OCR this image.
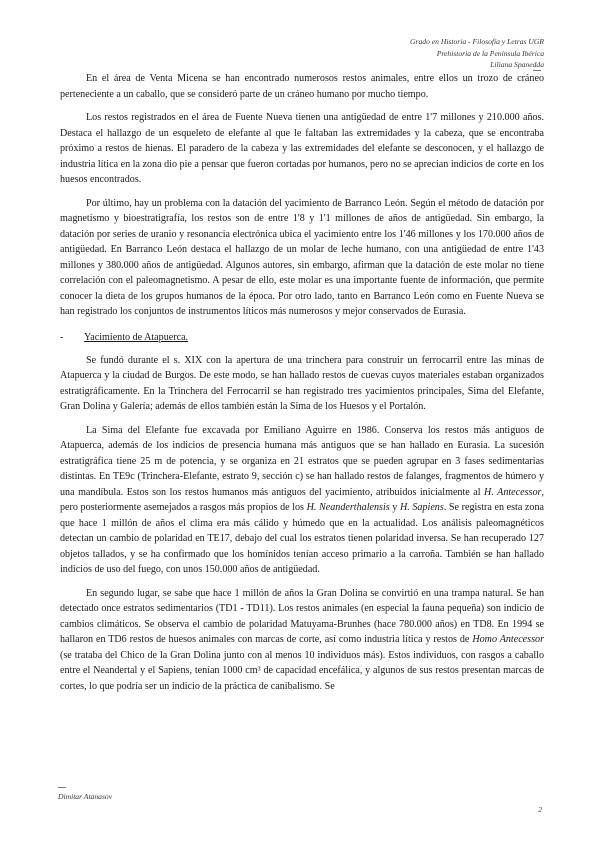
Grado en Historia - Filosofía y Letras UGR
Prehistoria de la Península Ibérica
Liliana Spanedda

En el área de Venta Micena se han encontrado numerosos restos animales, entre ellos un trozo de cráneo perteneciente a un caballo, que se consideró parte de un cráneo humano por mucho tiempo.

Los restos registrados en el área de Fuente Nueva tienen una antigüedad de entre 1'7 millones y 210.000 años. Destaca el hallazgo de un esqueleto de elefante al que le faltaban las extremidades y la cabeza, que se encontraba próximo a restos de hienas. El paradero de la cabeza y las extremidades del elefante se desconocen, y el hallazgo de industria lítica en la zona dio pie a pensar que fueron cortadas por humanos, pero no se aprecian indicios de corte en los huesos encontrados.

Por último, hay un problema con la datación del yacimiento de Barranco León. Según el método de datación por magnetismo y bioestratigrafía, los restos son de entre 1'8 y 1'1 millones de años de antigüedad. Sin embargo, la datación por series de uranio y resonancia electrónica ubica el yacimiento entre los 1'46 millones y los 170.000 años de antigüedad. En Barranco León destaca el hallazgo de un molar de leche humano, con una antigüedad de entre 1'43 millones y 380.000 años de antigüedad. Algunos autores, sin embargo, afirman que la datación de este molar no tiene correlación con el paleomagnetismo. A pesar de ello, este molar es una importante fuente de información, que permite conocer la dieta de los grupos humanos de la época. Por otro lado, tanto en Barranco León como en Fuente Nueva se han registrado los conjuntos de instrumentos líticos más numerosos y mejor conservados de Eurasia.

-	Yacimiento de Atapuerca.

Se fundó durante el s. XIX con la apertura de una trinchera para construir un ferrocarril entre las minas de Atapuerca y la ciudad de Burgos. De este modo, se han hallado restos de cuevas cuyos materiales estaban organizados estratigráficamente. En la Trinchera del Ferrocarril se han registrado tres yacimientos principales, Sima del Elefante, Gran Dolina y Galería; además de ellos también están la Sima de los Huesos y el Portalón.

La Sima del Elefante fue excavada por Emiliano Aguirre en 1986. Conserva los restos más antiguos de Atapuerca, además de los indicios de presencia humana más antiguos que se han hallado en Eurasia. La sucesión estratigráfica tiene 25 m de potencia, y se organiza en 21 estratos que se pueden agrupar en 3 fases sedimentarias distintas. En TE9c (Trinchera-Elefante, estrato 9, sección c) se han hallado restos de falanges, fragmentos de húmero y una mandíbula. Estos son los restos humanos más antiguos del yacimiento, atribuidos inicialmente al H. Antecessor, pero posteriormente asemejados a rasgos más propios de los H. Neanderthalensis y H. Sapiens. Se registra en esta zona que hace 1 millón de años el clima era más cálido y húmedo que en la actualidad. Los análisis paleomagnéticos detectan un cambio de polaridad en TE17, debajo del cual los estratos tienen polaridad inversa. Se han recuperado 127 objetos tallados, y se ha confirmado que los homínidos tenían acceso primario a la carroña. También se han hallado indicios de uso del fuego, con unos 150.000 años de antigüedad.

En segundo lugar, se sabe que hace 1 millón de años la Gran Dolina se convirtió en una trampa natural. Se han detectado once estratos sedimentarios (TD1 - TD11). Los restos animales (en especial la fauna pequeña) son indicio de cambios climáticos. Se observa el cambio de polaridad Matuyama-Brunhes (hace 780.000 años) en TD8. En 1994 se hallaron en TD6 restos de huesos animales con marcas de corte, así como industria lítica y restos de Homo Antecessor (se trataba del Chico de la Gran Dolina junto con al menos 10 individuos más). Estos individuos, con rasgos a caballo entre el Neandertal y el Sapiens, tenían 1000 cm³ de capacidad encefálica, y algunos de sus restos presentan marcas de cortes, lo que podría ser un indicio de la práctica de canibalismo. Se

Dimitar Atanasov
2
